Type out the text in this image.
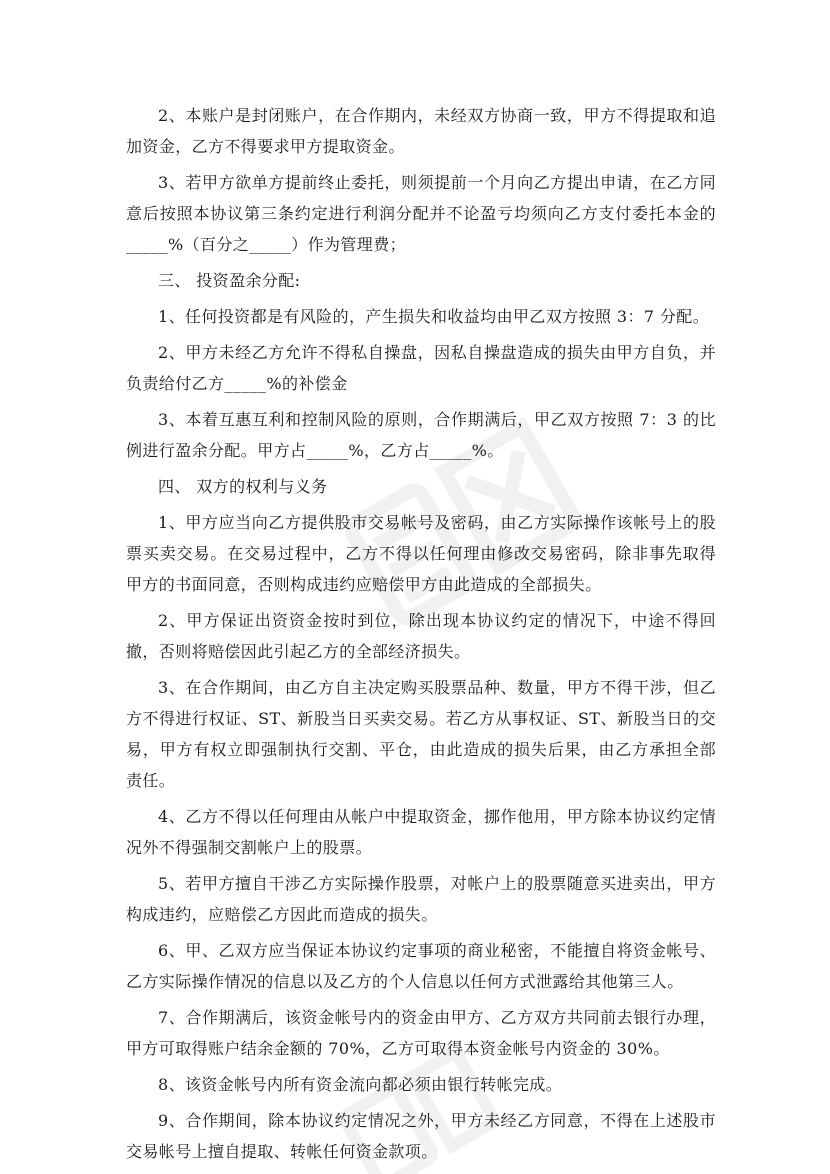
2、本账户是封闭账户，在合作期内，未经双方协商一致，甲方不得提取和追加资金，乙方不得要求甲方提取资金。

3、若甲方欲单方提前终止委托，则须提前一个月向乙方提出申请，在乙方同意后按照本协议第三条约定进行利润分配并不论盈亏均须向乙方支付委托本金的_____%（百分之_____）作为管理费；

三、 投资盈余分配:

1、任何投资都是有风险的，产生损失和收益均由甲乙双方按照 3：7 分配。

2、甲方未经乙方允许不得私自操盘，因私自操盘造成的损失由甲方自负，并负责给付乙方_____%的补偿金

3、本着互惠互利和控制风险的原则，合作期满后，甲乙双方按照 7：3 的比例进行盈余分配。甲方占_____%，乙方占_____%。

四、 双方的权利与义务

1、甲方应当向乙方提供股市交易帐号及密码，由乙方实际操作该帐号上的股票买卖交易。在交易过程中，乙方不得以任何理由修改交易密码，除非事先取得甲方的书面同意，否则构成违约应赔偿甲方由此造成的全部损失。

2、甲方保证出资资金按时到位，除出现本协议约定的情况下，中途不得回撤，否则将赔偿因此引起乙方的全部经济损失。

3、在合作期间，由乙方自主决定购买股票品种、数量，甲方不得干涉，但乙方不得进行权证、ST、新股当日买卖交易。若乙方从事权证、ST、新股当日的交易，甲方有权立即强制执行交割、平仓，由此造成的损失后果，由乙方承担全部责任。

4、乙方不得以任何理由从帐户中提取资金，挪作他用，甲方除本协议约定情况外不得强制交割帐户上的股票。

5、若甲方擅自干涉乙方实际操作股票，对帐户上的股票随意买进卖出，甲方构成违约，应赔偿乙方因此而造成的损失。

6、甲、乙双方应当保证本协议约定事项的商业秘密，不能擅自将资金帐号、乙方实际操作情况的信息以及乙方的个人信息以任何方式泄露给其他第三人。

7、合作期满后，该资金帐号内的资金由甲方、乙方双方共同前去银行办理，甲方可取得账户结余金额的 70%，乙方可取得本资金帐号内资金的 30%。

8、该资金帐号内所有资金流向都必须由银行转帐完成。

9、合作期间，除本协议约定情况之外，甲方未经乙方同意，不得在上述股市交易帐号上擅自提取、转帐任何资金款项。
